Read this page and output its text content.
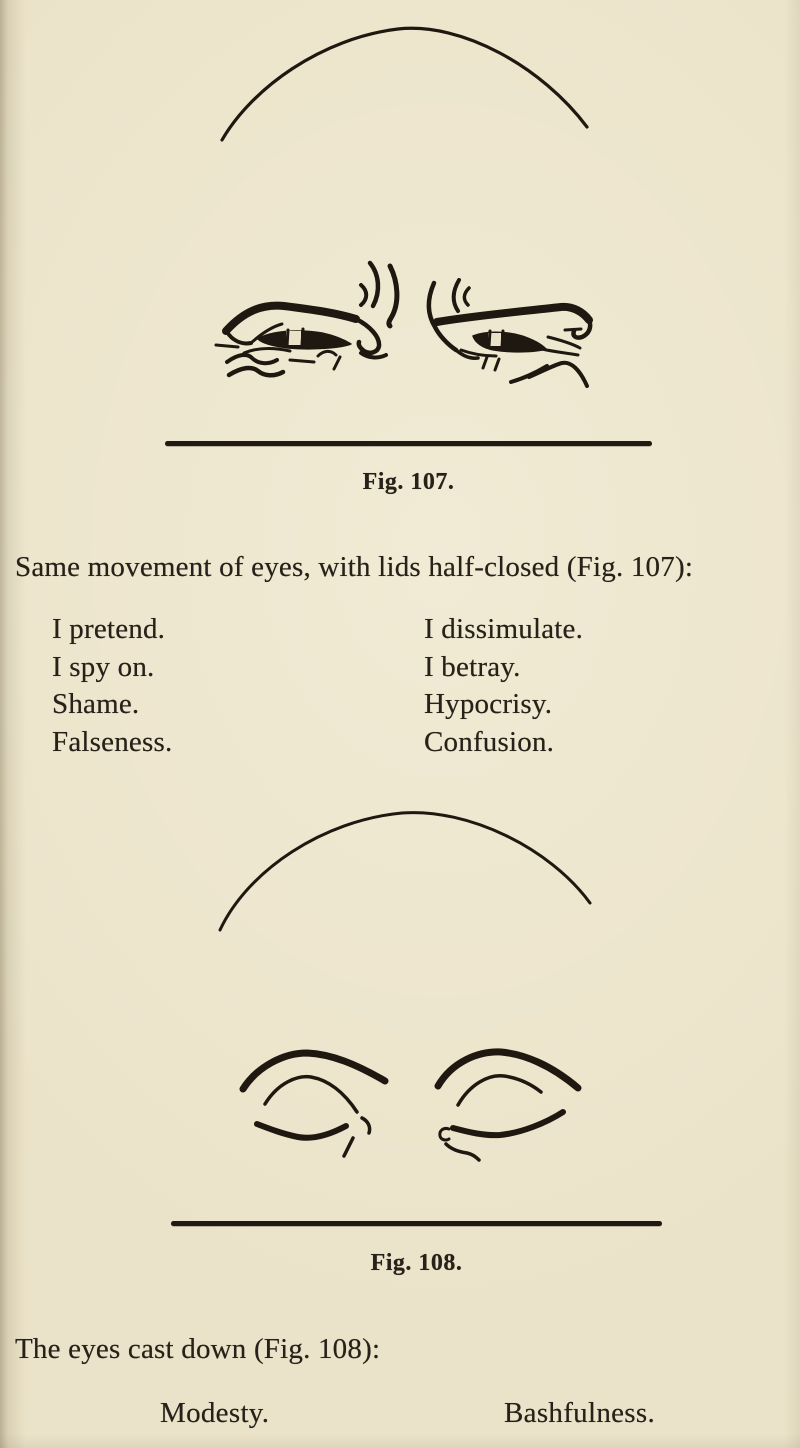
Fig. 107.
Same movement of eyes, with lids half-closed (Fig. 107):
I pretend.
I spy on.
Shame.
Falseness.
I dissimulate.
I betray.
Hypocrisy.
Confusion.
Fig. 108.
The eyes cast down (Fig. 108):
Modesty.	Bashfulness.
